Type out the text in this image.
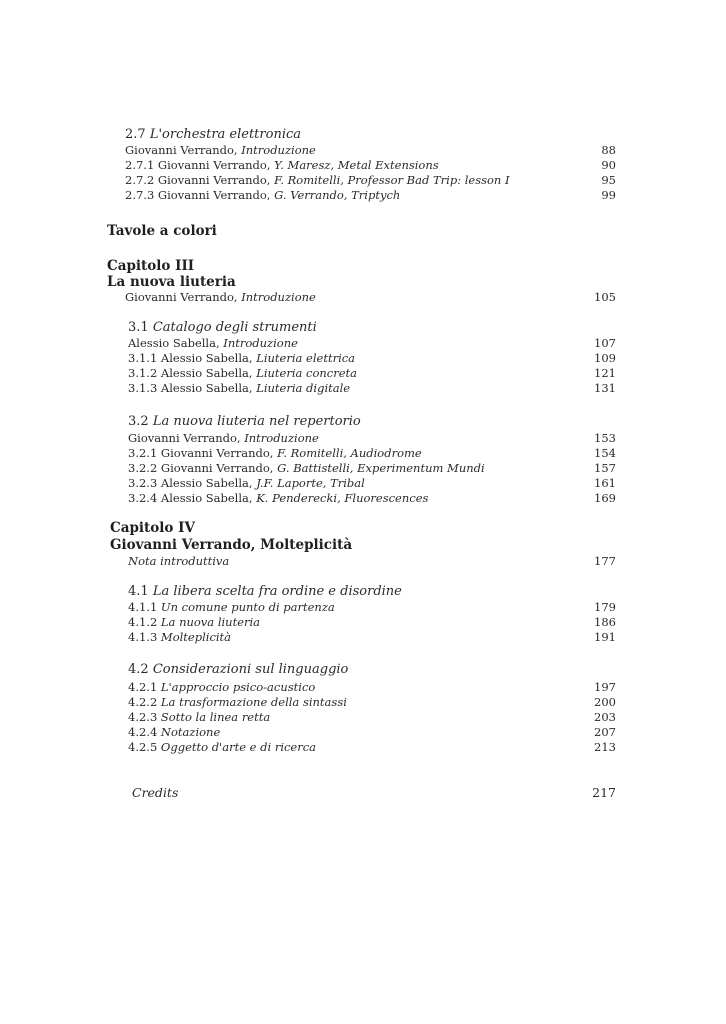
2.7 L'orchestra elettronica
Giovanni Verrando, Introduzione	88
2.7.1 Giovanni Verrando, Y. Maresz, Metal Extensions	90
2.7.2 Giovanni Verrando, F. Romitelli, Professor Bad Trip: lesson I	95
2.7.3 Giovanni Verrando, G. Verrando, Triptych	99
Tavole a colori
Capitolo III
La nuova liuteria
Giovanni Verrando, Introduzione	105
3.1 Catalogo degli strumenti
Alessio Sabella, Introduzione	107
3.1.1 Alessio Sabella, Liuteria elettrica	109
3.1.2 Alessio Sabella, Liuteria concreta	121
3.1.3 Alessio Sabella, Liuteria digitale	131
3.2 La nuova liuteria nel repertorio
Giovanni Verrando, Introduzione	153
3.2.1 Giovanni Verrando, F. Romitelli, Audiodrome	154
3.2.2 Giovanni Verrando, G. Battistelli, Experimentum Mundi	157
3.2.3 Alessio Sabella, J.F. Laporte, Tribal	161
3.2.4 Alessio Sabella, K. Penderecki, Fluorescences	169
Capitolo IV
Giovanni Verrando, Molteplicità
Nota introduttiva	177
4.1 La libera scelta fra ordine e disordine
4.1.1 Un comune punto di partenza	179
4.1.2 La nuova liuteria	186
4.1.3 Molteplicità	191
4.2 Considerazioni sul linguaggio
4.2.1 L'approccio psico-acustico	197
4.2.2 La trasformazione della sintassi	200
4.2.3 Sotto la linea retta	203
4.2.4 Notazione	207
4.2.5 Oggetto d'arte e di ricerca	213
Credits	217
